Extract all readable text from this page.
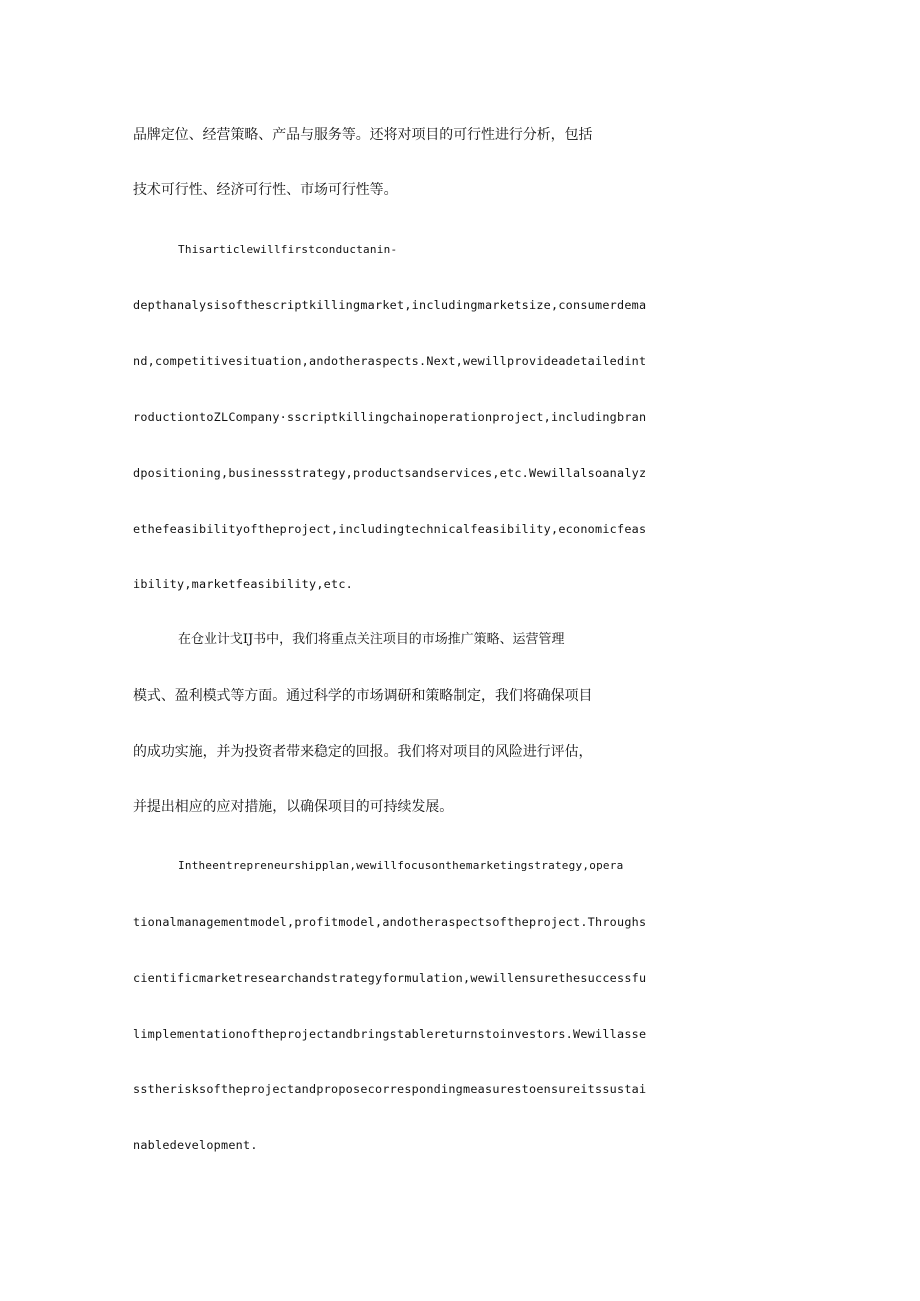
品牌定位、经营策略、产品与服务等。还将对项目的可行性进行分析，包括

技术可行性、经济可行性、市场可行性等。

Thisarticlewillfirstconductanin-

depthanalysisofthescriptkillingmarket,includingmarketsize,consumerdema

nd,competitivesituation,andotheraspects.Next,wewillprovideadetailedint

roductiontoZLCompany·sscriptkillingchainoperationproject,includingbran

dpositioning,businessstrategy,productsandservices,etc.Wewillalsoanalyz

ethefeasibilityoftheproject,includingtechnicalfeasibility,economicfeas

ibility,marketfeasibility,etc.

在仓业计戈IJ书中，我们将重点关注项目的市场推广策略、运营管理

模式、盈利模式等方面。通过科学的市场调研和策略制定，我们将确保项目

的成功实施，并为投资者带来稳定的回报。我们将对项目的风险进行评估，

并提出相应的应对措施，以确保项目的可持续发展。

Intheentrepreneurshipplan,wewillfocusonthemarketingstrategy,opera

tionalmanagementmodel,profitmodel,andotheraspectsoftheproject.Throughs

cientificmarketresearchandstrategyformulation,wewillensurethesuccessfu

limplementationoftheprojectandbringstablereturnstoinvestors.Wewillasse

sstherisksoftheprojectandproposecorrespondingmeasurestoensureitssustai

nabledevelopment.
